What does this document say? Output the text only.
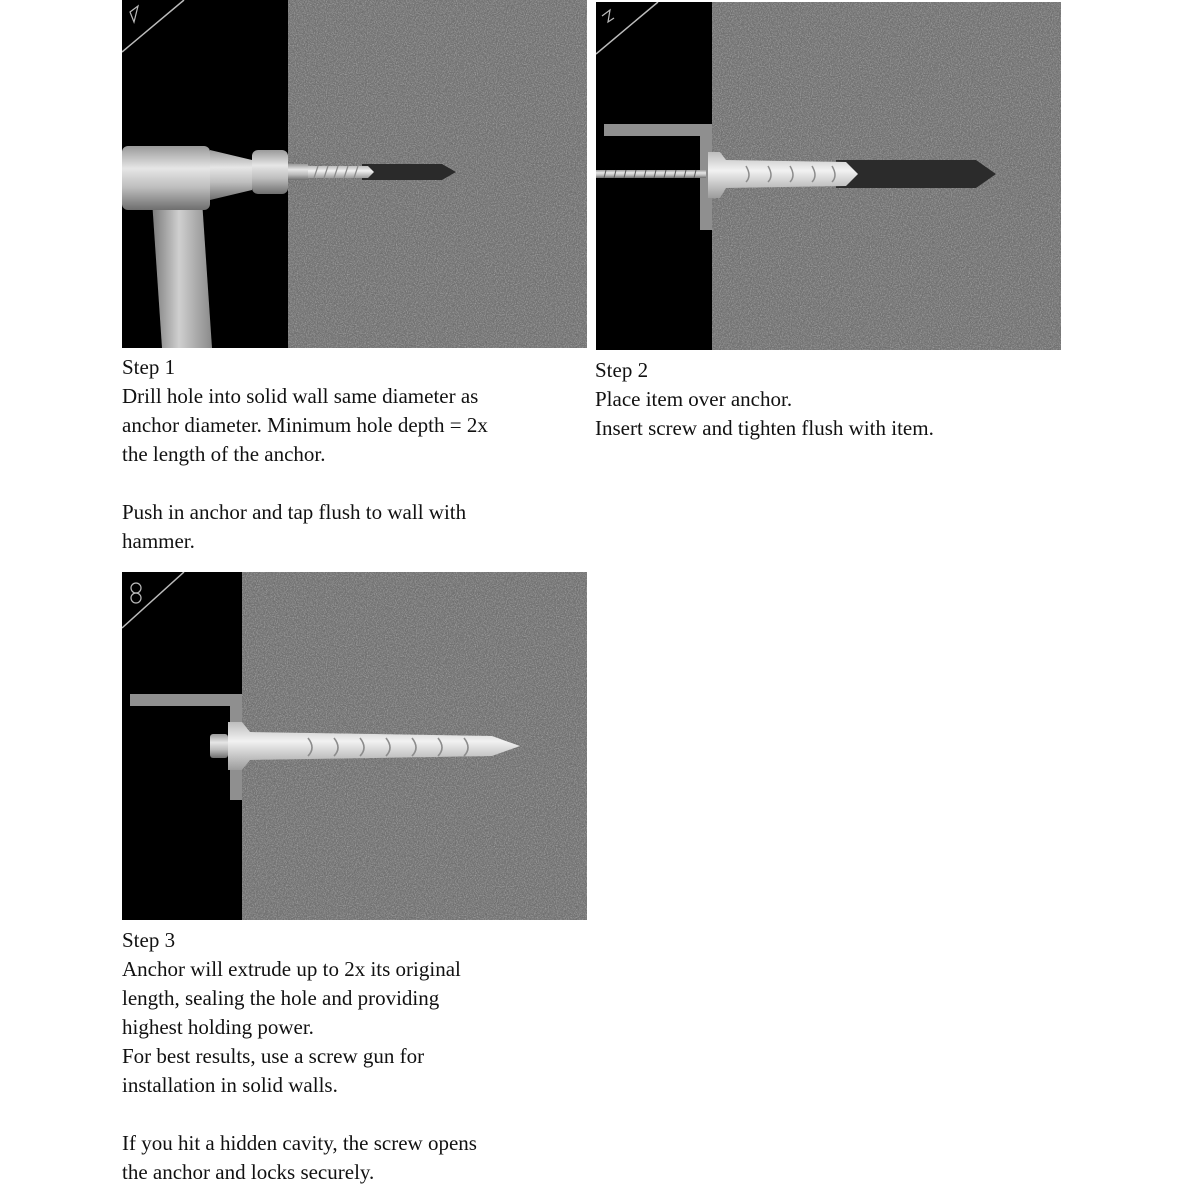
Step 1

Drill hole into solid wall same diameter as

anchor diameter. Minimum hole depth = 2x

the length of the anchor.

Push in anchor and tap flush to wall with

hammer.

Step 2

Place item over anchor.

Insert screw and tighten flush with item.

Step 3

Anchor will extrude up to 2x its original

length, sealing the hole and providing

highest holding power.

For best results, use a screw gun for

installation in solid walls.

If you hit a hidden cavity, the screw opens

the anchor and locks securely.
